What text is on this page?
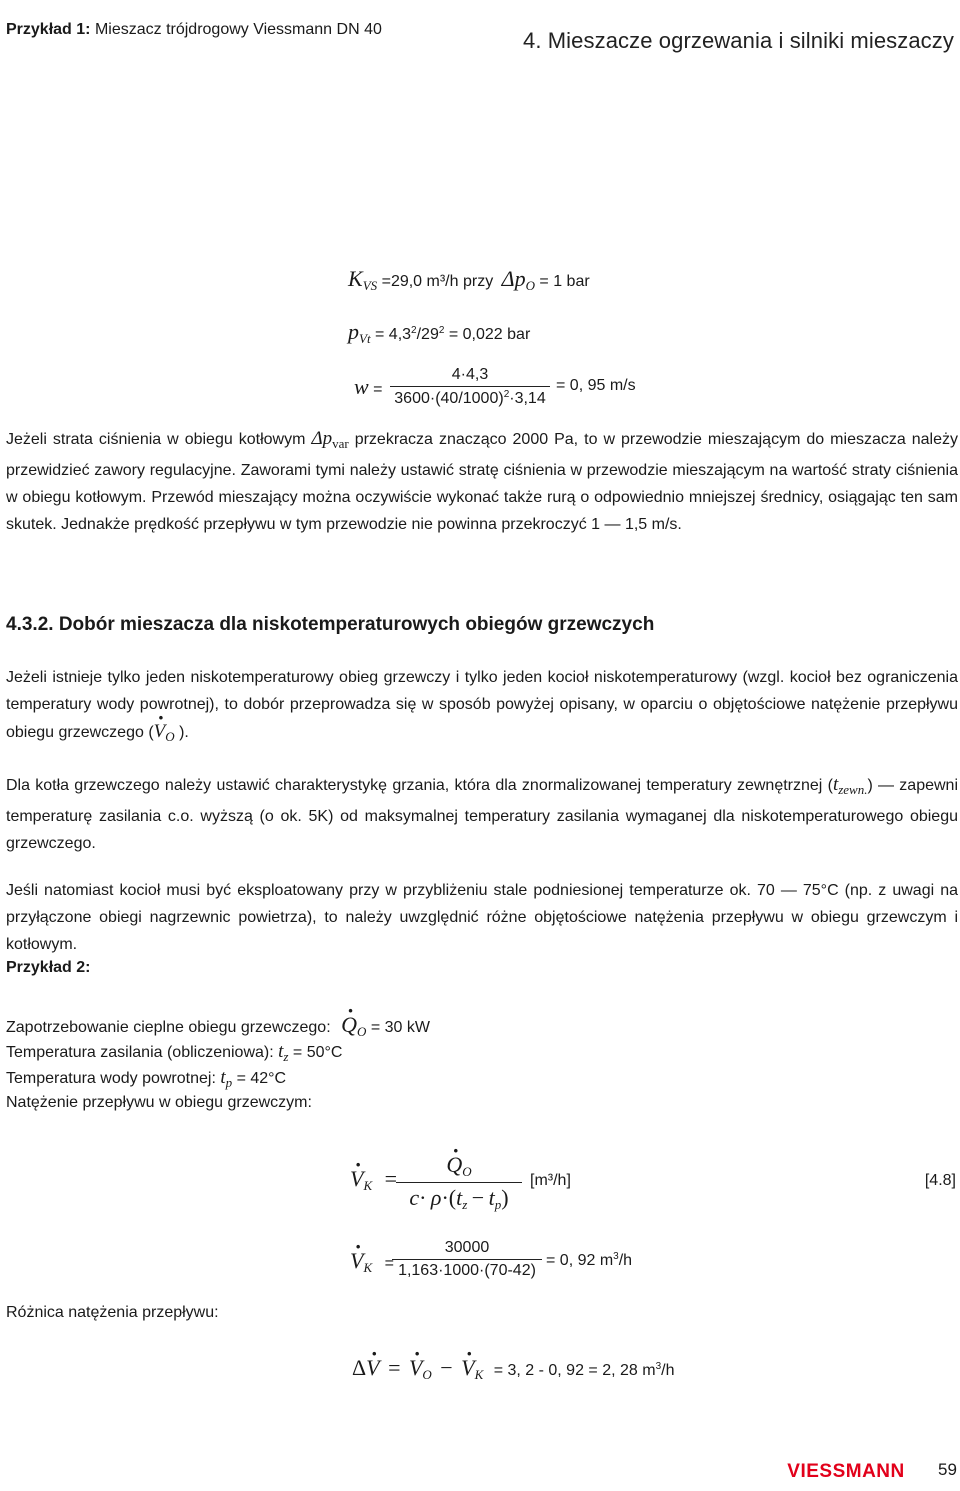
4. Mieszacze ogrzewania i silniki mieszaczy
Przykład 1: Mieszacz trójdrogowy Viessmann DN 40
$K_{VS} =29,0$ m³/h przy $\Delta p_O = 1$ bar
$p_{Vt} = 4,3^2/29^2 = 0,022$ bar
w =
4·4,3
$3600\cdot(40/1000)^2\cdot 3,14$
= 0, 95 m/s
Jeżeli strata ciśnienia w obiegu kotłowym $\Delta p_{var}$ przekracza znacząco 2000 Pa, to w przewodzie mieszającym do mieszacza należy przewidzieć zawory regulacyjne. Zaworami tymi należy ustawić stratę ciśnienia w przewodzie mieszającym na wartość straty ciśnienia w obiegu kotłowym. Przewód mieszający można oczywiście wykonać także rurą o odpowiednio mniejszej średnicy, osiągając ten sam skutek. Jednakże prędkość przepływu w tym przewodzie nie powinna przekroczyć 1 — 1,5 m/s.
4.3.2. Dobór mieszacza dla niskotemperaturowych obiegów grzewczych
Jeżeli istnieje tylko jeden niskotemperaturowy obieg grzewczy i tylko jeden kocioł niskotemperaturowy (wzgl. kocioł bez ograniczenia temperatury wody powrotnej), to dobór przeprowadza się w sposób powyżej opisany, w oparciu o objętościowe natężenie przepływu obiegu grzewczego (· $V_O$ ).
Dla kotła grzewczego należy ustawić charakterystykę grzania, która dla znormalizowanej temperatury zewnętrznej $(t_{zewn.})$ — zapewni temperaturę zasilania c.o. wyższą (o ok. 5K) od maksymalnej temperatury zasilania wymaganej dla niskotemperaturowego obiegu grzewczego.
Jeśli natomiast kocioł musi być eksploatowany przy w przybliżeniu stale podniesionej temperaturze ok. 70 — 75°C (np. z uwagi na przyłączone obiegi nagrzewnic powietrza), to należy uwzględnić różne objętościowe natężenia przepływu w obiegu grzewczym i kotłowym.
Przykład 2:
Zapotrzebowanie cieplne obiegu grzewczego: · $Q_O = 30$ kW
Temperatura zasilania (obliczeniowa): $t_z = 50^\circ C$
Temperatura wody powrotnej: $t_p = 42^\circ C$
Natężenie przepływu w obiegu grzewczym:
· $V_K$ =
· $Q_O$
$c\cdot \rho\cdot(t_z - t_p)$
[m³/h]	[4.8]
· $V_K$ =
30000
1,163·1000·(70-42)
= 0, 92 $m^3/h$
Różnica natężenia przepływu:
Δ· V = · $V_O$ − · $V_K = 3$, 2 - 0, 92 = 2, 28 $m^3/h$
VIESSMANN 59
